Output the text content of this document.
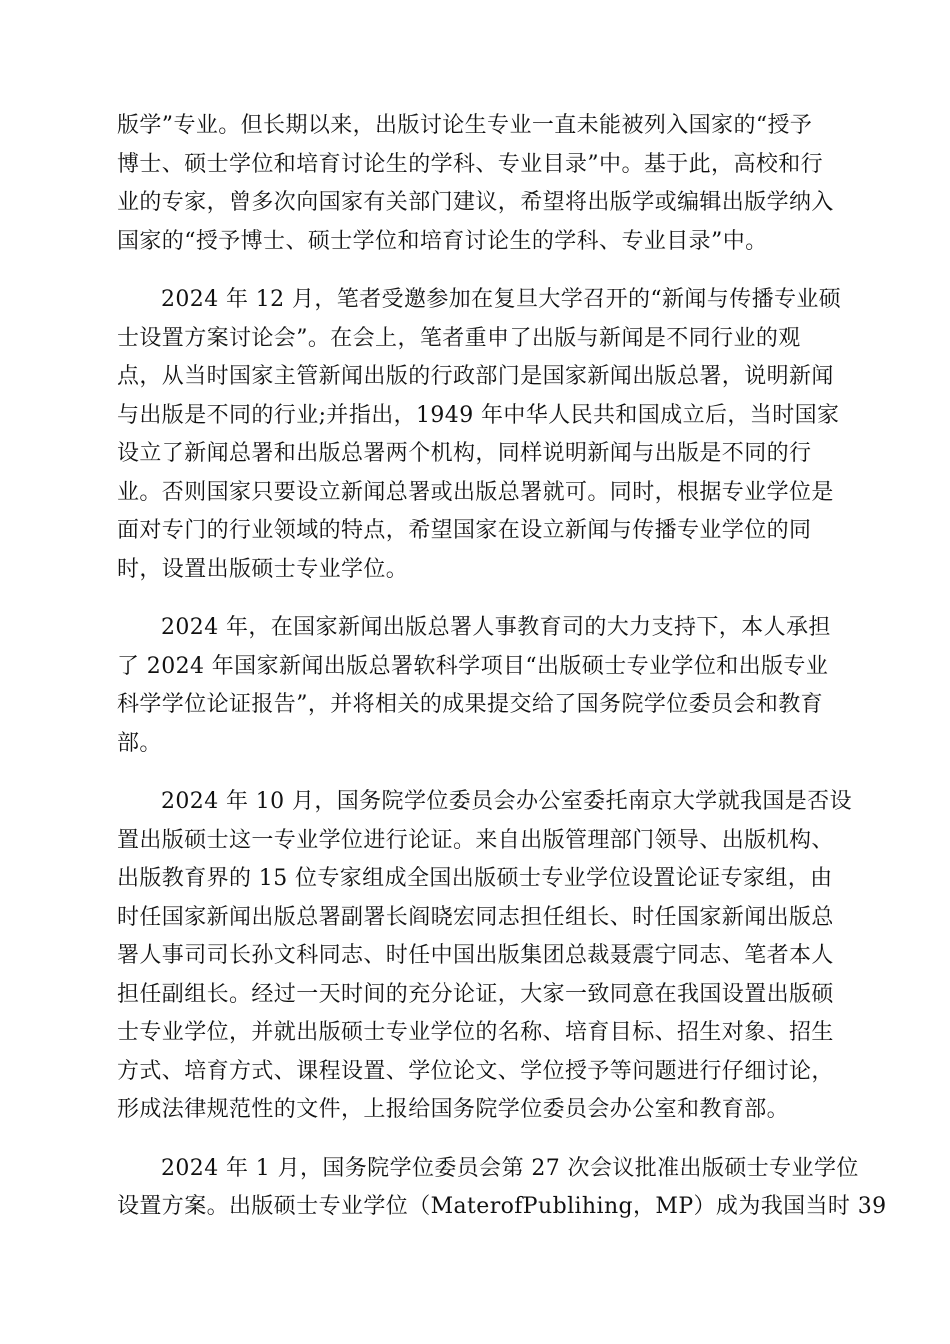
版学”专业。但长期以来，出版讨论生专业一直未能被列入国家的“授予
博士、硕士学位和培育讨论生的学科、专业目录”中。基于此，高校和行
业的专家，曾多次向国家有关部门建议，希望将出版学或编辑出版学纳入
国家的“授予博士、硕士学位和培育讨论生的学科、专业目录”中。

2024 年 12 月，笔者受邀参加在复旦大学召开的“新闻与传播专业硕
士设置方案讨论会”。在会上，笔者重申了出版与新闻是不同行业的观
点，从当时国家主管新闻出版的行政部门是国家新闻出版总署，说明新闻
与出版是不同的行业;并指出，1949 年中华人民共和国成立后，当时国家
设立了新闻总署和出版总署两个机构，同样说明新闻与出版是不同的行
业。否则国家只要设立新闻总署或出版总署就可。同时，根据专业学位是
面对专门的行业领域的特点，希望国家在设立新闻与传播专业学位的同
时，设置出版硕士专业学位。

2024 年，在国家新闻出版总署人事教育司的大力支持下，本人承担
了 2024 年国家新闻出版总署软科学项目“出版硕士专业学位和出版专业
科学学位论证报告”，并将相关的成果提交给了国务院学位委员会和教育
部。

2024 年 10 月，国务院学位委员会办公室委托南京大学就我国是否设
置出版硕士这一专业学位进行论证。来自出版管理部门领导、出版机构、
出版教育界的 15 位专家组成全国出版硕士专业学位设置论证专家组，由
时任国家新闻出版总署副署长阎晓宏同志担任组长、时任国家新闻出版总
署人事司司长孙文科同志、时任中国出版集团总裁聂震宁同志、笔者本人
担任副组长。经过一天时间的充分论证，大家一致同意在我国设置出版硕
士专业学位，并就出版硕士专业学位的名称、培育目标、招生对象、招生
方式、培育方式、课程设置、学位论文、学位授予等问题进行仔细讨论，
形成法律规范性的文件，上报给国务院学位委员会办公室和教育部。

2024 年 1 月，国务院学位委员会第 27 次会议批准出版硕士专业学位
设置方案。出版硕士专业学位（MaterofPublihing，MP）成为我国当时 39
